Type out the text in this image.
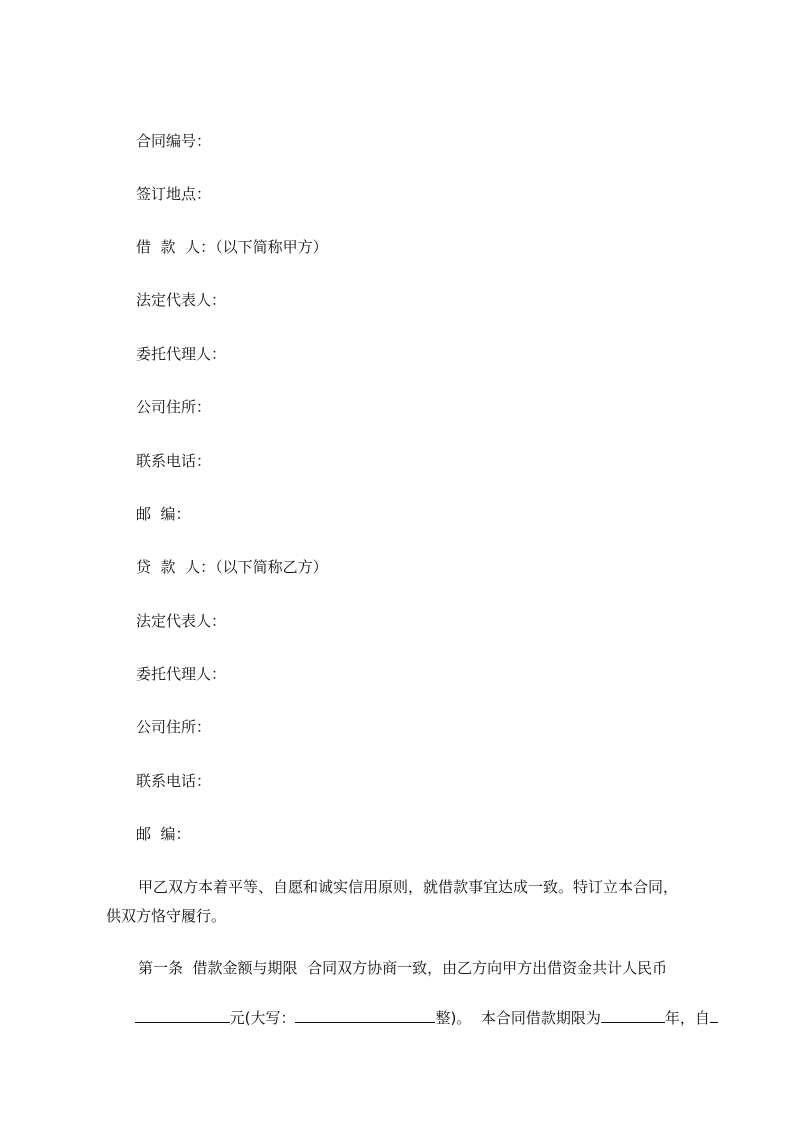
合同编号：
签订地点：
借  款  人：（以下简称甲方）
法定代表人：
委托代理人：
公司住所：
联系电话：
邮  编：
贷  款  人：（以下简称乙方）
法定代表人：
委托代理人：
公司住所：
联系电话：
邮  编：
甲乙双方本着平等、自愿和诚实信用原则，就借款事宜达成一致。特订立本合同，
供双方恪守履行。
第一条  借款金额与期限  合同双方协商一致，由乙方向甲方出借资金共计人民币

元(大写：	整)。  本合同借款期限为	年，自
